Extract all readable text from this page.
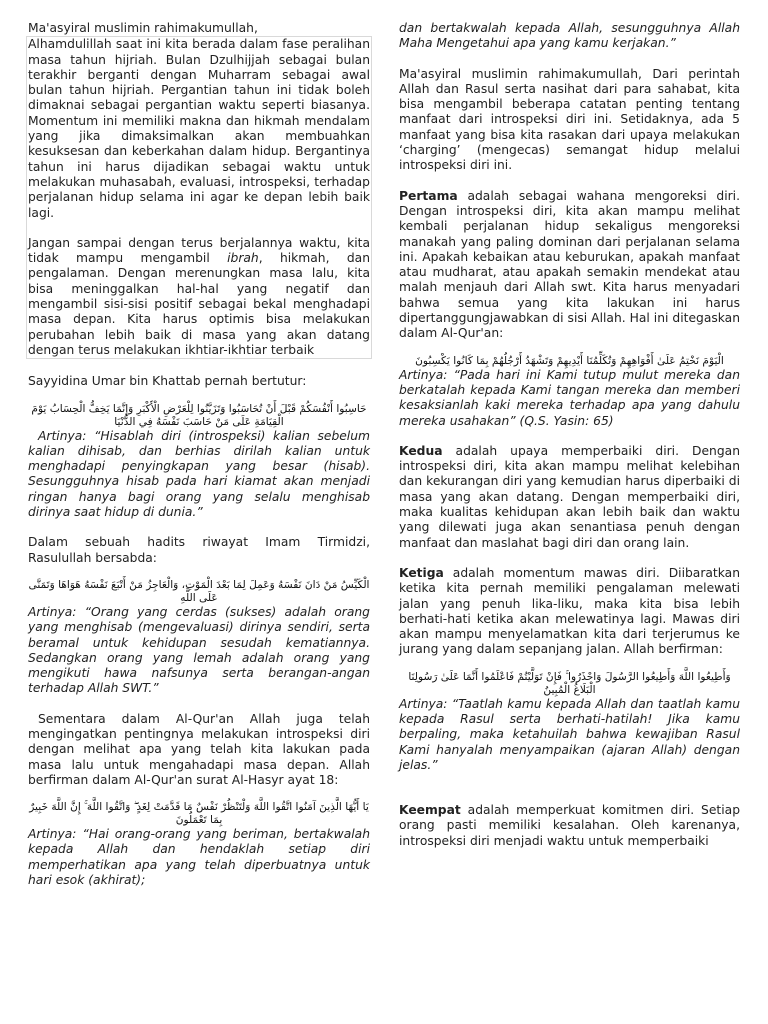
Ma'asyiral muslimin rahimakumullah,

Alhamdulillah saat ini kita berada dalam fase peralihan masa tahun hijriah. Bulan Dzulhijjah sebagai bulan terakhir berganti dengan Muharram sebagai awal bulan tahun hijriah. Pergantian tahun ini tidak boleh dimaknai sebagai pergantian waktu seperti biasanya. Momentum ini memiliki makna dan hikmah mendalam yang jika dimaksimalkan akan membuahkan kesuksesan dan keberkahan dalam hidup. Bergantinya tahun ini harus dijadikan sebagai waktu untuk melakukan muhasabah, evaluasi, introspeksi, terhadap perjalanan hidup selama ini agar ke depan lebih baik lagi.

Jangan sampai dengan terus berjalannya waktu, kita tidak mampu mengambil ibrah, hikmah, dan pengalaman. Dengan merenungkan masa lalu, kita bisa meninggalkan hal-hal yang negatif dan mengambil sisi-sisi positif sebagai bekal menghadapi masa depan. Kita harus optimis bisa melakukan perubahan lebih baik di masa yang akan datang dengan terus melakukan ikhtiar-ikhtiar terbaik

Sayyidina Umar bin Khattab pernah bertutur:

حَاسِبُوا أَنْفُسَكُمْ قَبْلَ أَنْ تُحَاسَبُوا وَتَزَيَّنُوا لِلْعَرْضِ الْأَكْبَرِ وَإِنَّمَا يَخِفُّ الْحِسَابُ يَوْمَ الْقِيَامَةِ عَلَى مَنْ حَاسَبَ نَفْسَهُ فِي الدُّنْيَا

Artinya: “Hisablah diri (introspeksi) kalian sebelum kalian dihisab, dan berhias dirilah kalian untuk menghadapi penyingkapan yang besar (hisab). Sesungguhnya hisab pada hari kiamat akan menjadi ringan hanya bagi orang yang selalu menghisab dirinya saat hidup di dunia.”

Dalam sebuah hadits riwayat Imam Tirmidzi, Rasulullah bersabda:

الْكَيِّسُ مَنْ دَانَ نَفْسَهُ وَعَمِلَ لِمَا بَعْدَ الْمَوْتِ، وَالْعَاجِزُ مَنْ أَتْبَعَ نَفْسَهُ هَوَاهَا وَتَمَنَّى عَلَى اللَّهِ

Artinya: “Orang yang cerdas (sukses) adalah orang yang menghisab (mengevaluasi) dirinya sendiri, serta beramal untuk kehidupan sesudah kematiannya. Sedangkan orang yang lemah adalah orang yang mengikuti hawa nafsunya serta berangan-angan terhadap Allah SWT.”

Sementara dalam Al-Qur'an Allah juga telah mengingatkan pentingnya melakukan introspeksi diri dengan melihat apa yang telah kita lakukan pada masa lalu untuk mengahadapi masa depan. Allah berfirman dalam Al-Qur'an surat Al-Hasyr ayat 18:

يَا أَيُّهَا الَّذِينَ آمَنُوا اتَّقُوا اللَّهَ وَلْتَنْظُرْ نَفْسٌ مَا قَدَّمَتْ لِغَدٍ ۖ وَاتَّقُوا اللَّهَ ۚ إِنَّ اللَّهَ خَبِيرٌ بِمَا تَعْمَلُونَ

Artinya: “Hai orang-orang yang beriman, bertakwalah kepada Allah dan hendaklah setiap diri memperhatikan apa yang telah diperbuatnya untuk hari esok (akhirat);

dan bertakwalah kepada Allah, sesungguhnya Allah Maha Mengetahui apa yang kamu kerjakan.”

Ma'asyiral muslimin rahimakumullah, Dari perintah Allah dan Rasul serta nasihat dari para sahabat, kita bisa mengambil beberapa catatan penting tentang manfaat dari introspeksi diri ini. Setidaknya, ada 5 manfaat yang bisa kita rasakan dari upaya melakukan ‘charging’ (mengecas) semangat hidup melalui introspeksi diri ini.

Pertama adalah sebagai wahana mengoreksi diri. Dengan introspeksi diri, kita akan mampu melihat kembali perjalanan hidup sekaligus mengoreksi manakah yang paling dominan dari perjalanan selama ini. Apakah kebaikan atau keburukan, apakah manfaat atau mudharat, atau apakah semakin mendekat atau malah menjauh dari Allah swt. Kita harus menyadari bahwa semua yang kita lakukan ini harus dipertanggungjawabkan di sisi Allah. Hal ini ditegaskan dalam Al-Qur'an:

الْيَوْمَ نَخْتِمُ عَلَىٰ أَفْوَاهِهِمْ وَتُكَلِّمُنَا أَيْدِيهِمْ وَتَشْهَدُ أَرْجُلُهُمْ بِمَا كَانُوا يَكْسِبُونَ

Artinya: “Pada hari ini Kami tutup mulut mereka dan berkatalah kepada Kami tangan mereka dan memberi kesaksianlah kaki mereka terhadap apa yang dahulu mereka usahakan” (Q.S. Yasin: 65)

Kedua adalah upaya memperbaiki diri. Dengan introspeksi diri, kita akan mampu melihat kelebihan dan kekurangan diri yang kemudian harus diperbaiki di masa yang akan datang. Dengan memperbaiki diri, maka kualitas kehidupan akan lebih baik dan waktu yang dilewati juga akan senantiasa penuh dengan manfaat dan maslahat bagi diri dan orang lain.

Ketiga adalah momentum mawas diri. Diibaratkan ketika kita pernah memiliki pengalaman melewati jalan yang penuh lika-liku, maka kita bisa lebih berhati-hati ketika akan melewatinya lagi. Mawas diri akan mampu menyelamatkan kita dari terjerumus ke jurang yang dalam sepanjang jalan. Allah berfirman:

وَأَطِيعُوا اللَّهَ وَأَطِيعُوا الرَّسُولَ وَاحْذَرُوا ۚ فَإِنْ تَوَلَّيْتُمْ فَاعْلَمُوا أَنَّمَا عَلَىٰ رَسُولِنَا الْبَلَاغُ الْمُبِينُ

Artinya: “Taatlah kamu kepada Allah dan taatlah kamu kepada Rasul serta berhati-hatilah! Jika kamu berpaling, maka ketahuilah bahwa kewajiban Rasul Kami hanyalah menyampaikan (ajaran Allah) dengan jelas.”

Keempat adalah memperkuat komitmen diri. Setiap orang pasti memiliki kesalahan. Oleh karenanya, introspeksi diri menjadi waktu untuk memperbaiki
